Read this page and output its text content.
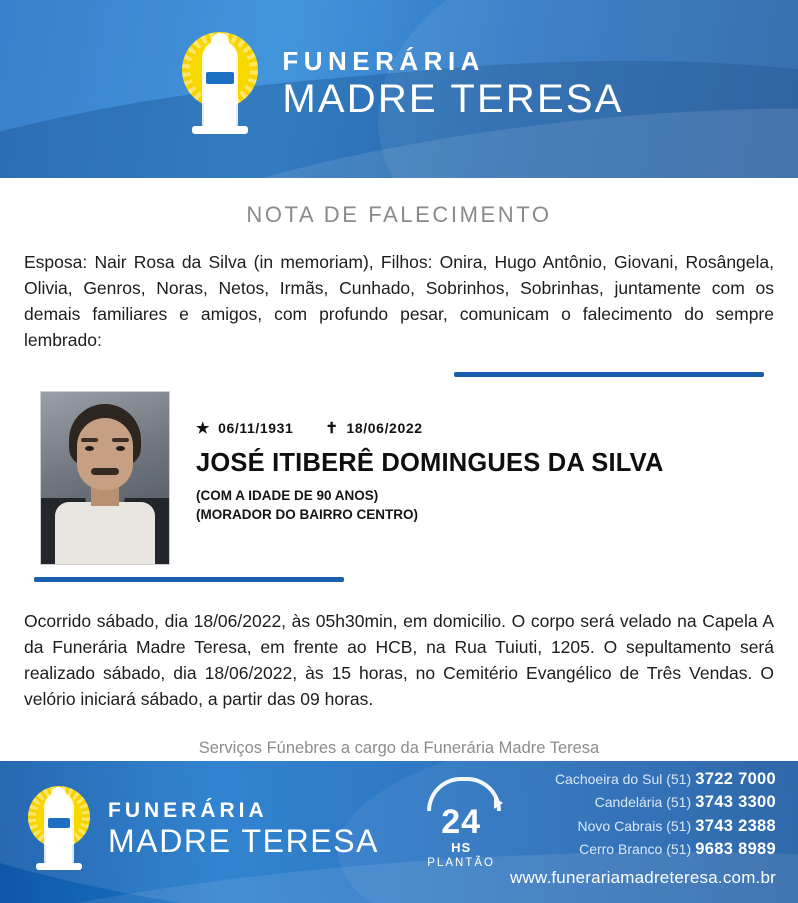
FUNERÁRIA
MADRE TERESA
NOTA DE FALECIMENTO

Esposa: Nair Rosa da Silva (in memoriam), Filhos: Onira, Hugo Antônio, Giovani, Rosângela, Olivia, Genros, Noras, Netos, Irmãs, Cunhado, Sobrinhos, Sobrinhas, juntamente com os demais familiares e amigos, com profundo pesar, comunicam o falecimento do sempre lembrado:

★ 06/11/1931 ✝ 18/06/2022
JOSÉ ITIBERÊ DOMINGUES DA SILVA
(COM A IDADE DE 90 ANOS)
(MORADOR DO BAIRRO CENTRO)

Ocorrido sábado, dia 18/06/2022, às 05h30min, em domicilio. O corpo será velado na Capela A da Funerária Madre Teresa, em frente ao HCB, na Rua Tuiuti, 1205. O sepultamento será realizado sábado, dia 18/06/2022, às 15 horas, no Cemitério Evangélico de Três Vendas. O velório iniciará sábado, a partir das 09 horas.

Serviços Fúnebres a cargo da Funerária Madre Teresa
FUNERÁRIA
MADRE TERESA	24
HS
PLANTÃO
Cachoeira do Sul (51) 3722 7000
Candelária (51) 3743 3300
Novo Cabrais (51) 3743 2388
Cerro Branco (51) 9683 8989
www.funerariamadreteresa.com.br
